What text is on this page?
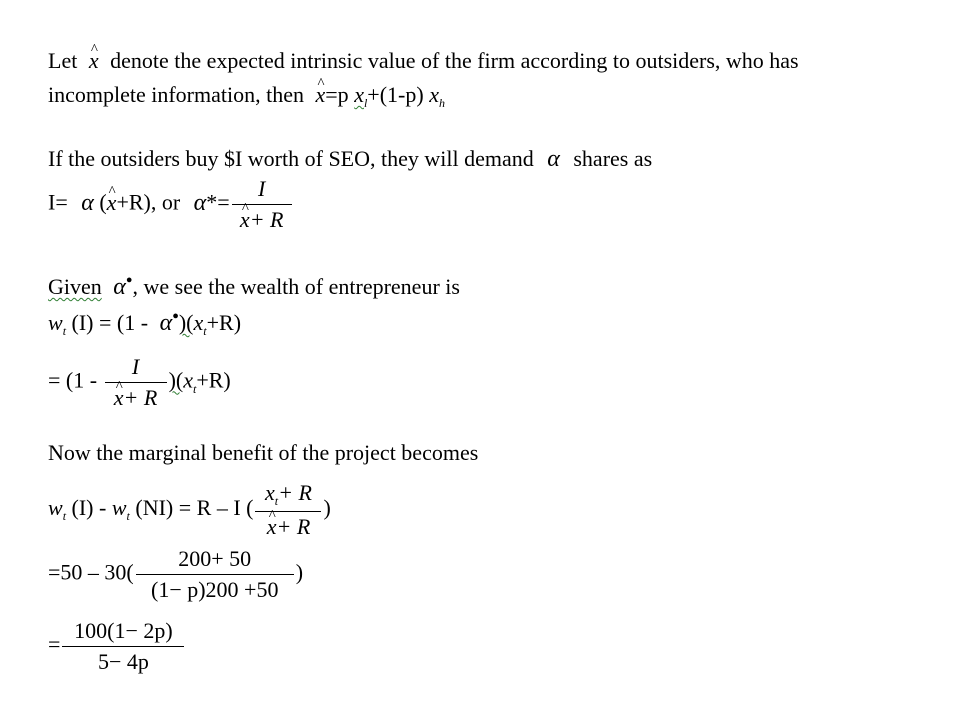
Let ^ x denote the expected intrinsic value of the firm according to outsiders, who has
incomplete information, then ^ x=p $x_l+(1-p)$ $x_h$
If the outsiders buy $I worth of SEO, they will demand α shares as
I= α (^ x+R), or α*= I
^ x+ R
Given α●, we see the wealth of entrepreneur is
$w_t$ $(I) = (1 - \alpha^●)(x_t+R)$
= (1 - I
^ x+ R )$(x_t+R)$
Now the marginal benefit of the project becomes
$w_t$ $(I) - w_t$ (NI) = R – I ( $x_t+ R$
^ x+ R )
$=50 - 30( \frac{200+ 50}{(1- p)200 +50}$ )
= $\frac{100(1- 2p)}{5- 4p}$
